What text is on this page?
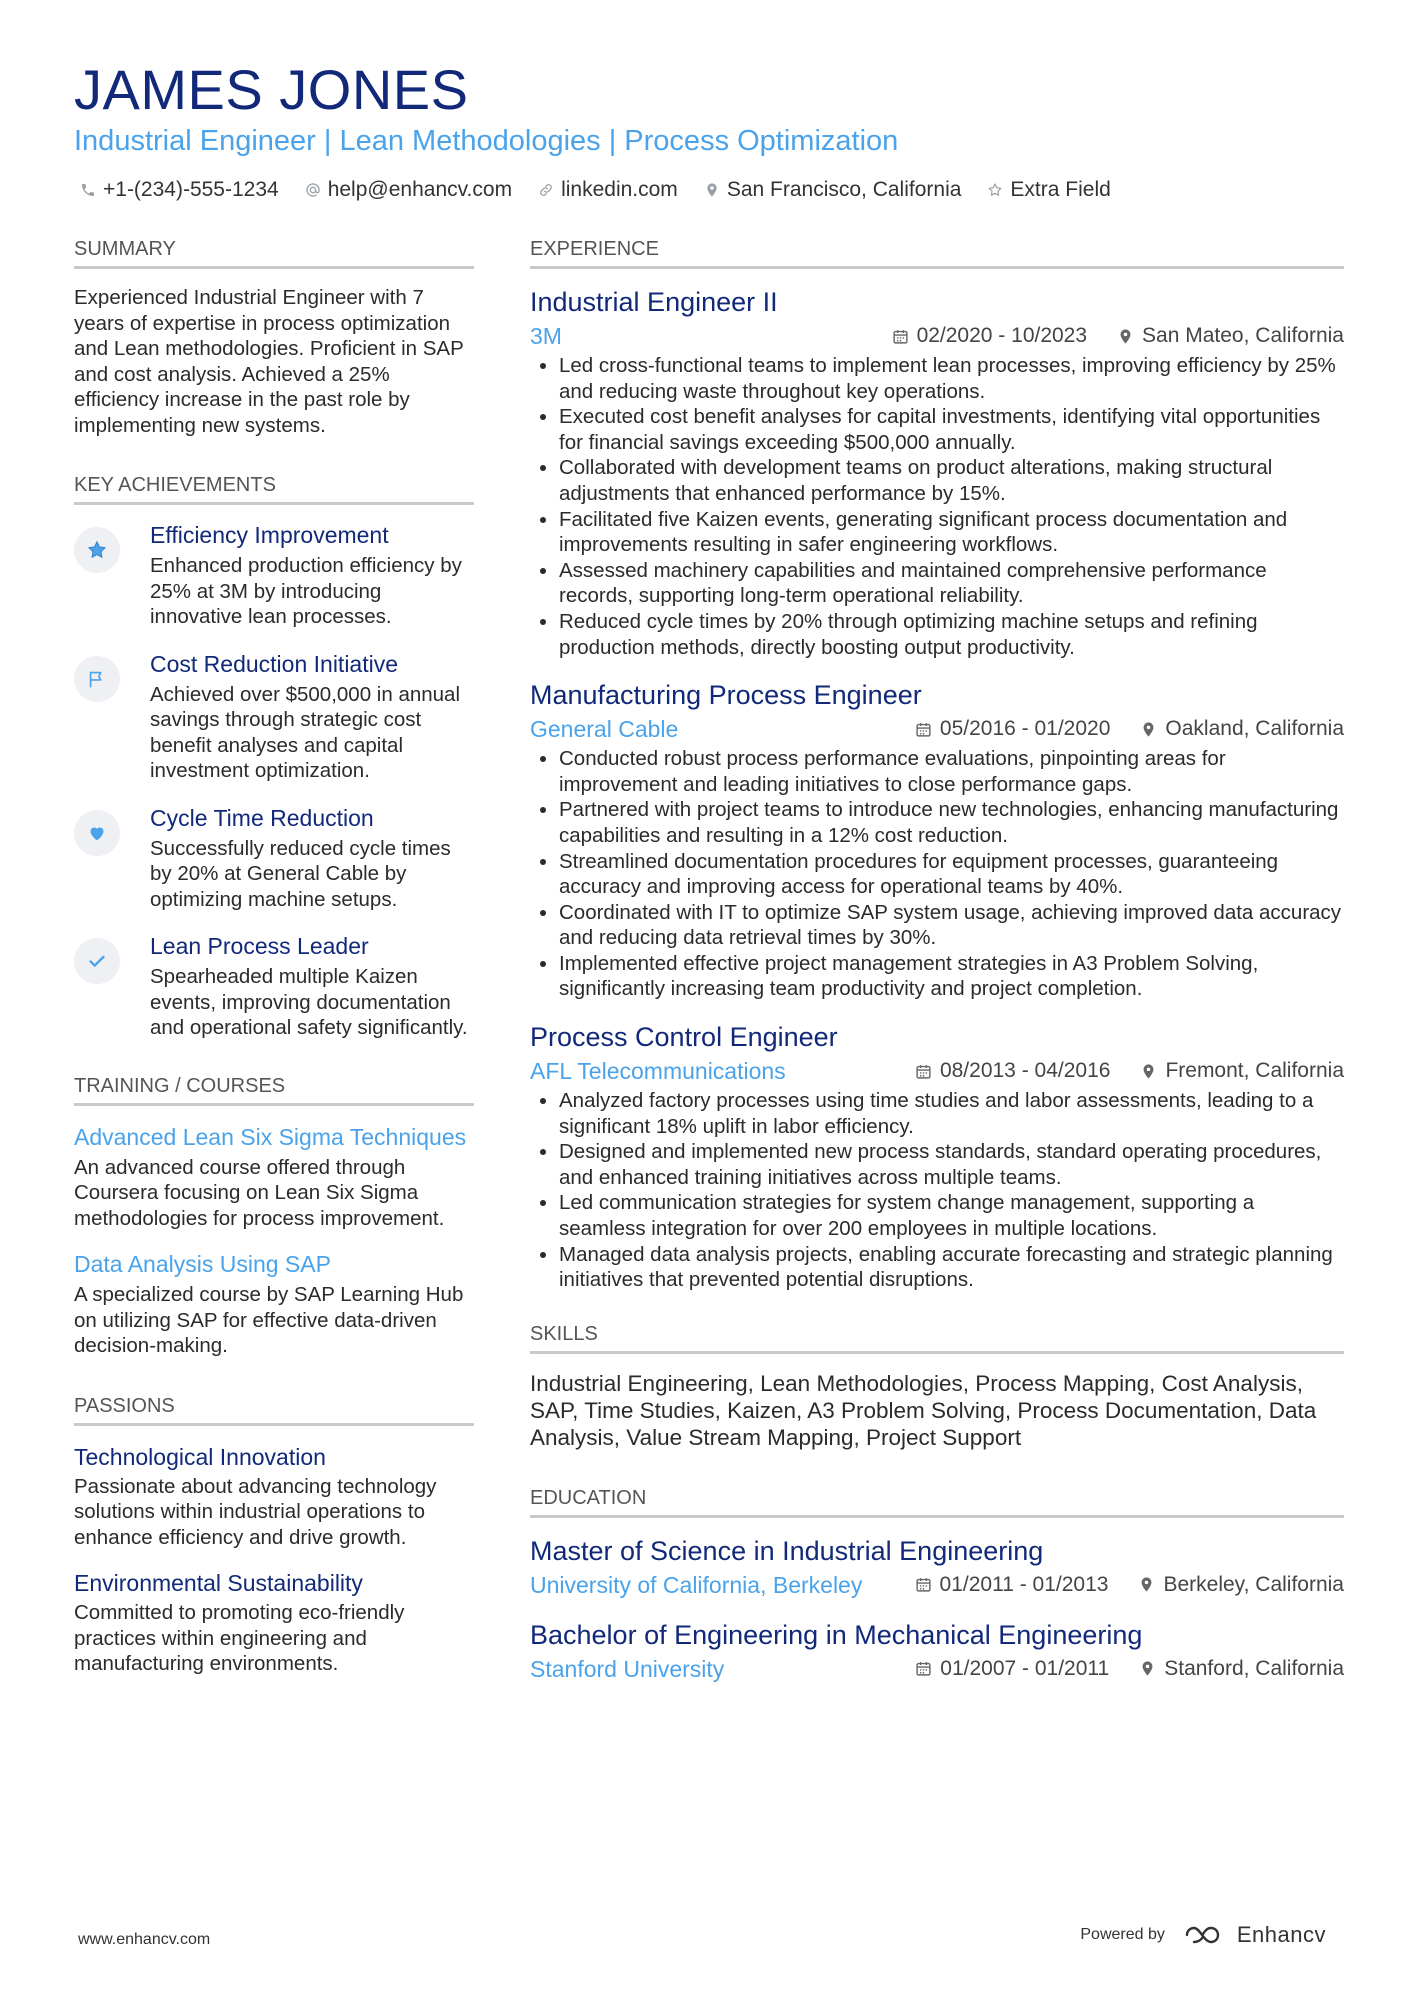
JAMES JONES
Industrial Engineer | Lean Methodologies | Process Optimization
+1-(234)-555-1234 help@enhancv.com linkedin.com San Francisco, California Extra Field
SUMMARY
Experienced Industrial Engineer with 7 years of expertise in process optimization and Lean methodologies. Proficient in SAP and cost analysis. Achieved a 25% efficiency increase in the past role by implementing new systems.
KEY ACHIEVEMENTS
Efficiency Improvement
Enhanced production efficiency by 25% at 3M by introducing innovative lean processes.
Cost Reduction Initiative
Achieved over $500,000 in annual savings through strategic cost benefit analyses and capital investment optimization.
Cycle Time Reduction
Successfully reduced cycle times by 20% at General Cable by optimizing machine setups.
Lean Process Leader
Spearheaded multiple Kaizen events, improving documentation and operational safety significantly.
TRAINING / COURSES
Advanced Lean Six Sigma Techniques
An advanced course offered through Coursera focusing on Lean Six Sigma methodologies for process improvement.
Data Analysis Using SAP
A specialized course by SAP Learning Hub on utilizing SAP for effective data-driven decision-making.
PASSIONS
Technological Innovation
Passionate about advancing technology solutions within industrial operations to enhance efficiency and drive growth.
Environmental Sustainability
Committed to promoting eco-friendly practices within engineering and manufacturing environments.
EXPERIENCE
Industrial Engineer II
3M	02/2020 - 10/2023	San Mateo, California
• Led cross-functional teams to implement lean processes, improving efficiency by 25% and reducing waste throughout key operations.
• Executed cost benefit analyses for capital investments, identifying vital opportunities for financial savings exceeding $500,000 annually.
• Collaborated with development teams on product alterations, making structural adjustments that enhanced performance by 15%.
• Facilitated five Kaizen events, generating significant process documentation and improvements resulting in safer engineering workflows.
• Assessed machinery capabilities and maintained comprehensive performance records, supporting long-term operational reliability.
• Reduced cycle times by 20% through optimizing machine setups and refining production methods, directly boosting output productivity.
Manufacturing Process Engineer
General Cable	05/2016 - 01/2020	Oakland, California
• Conducted robust process performance evaluations, pinpointing areas for improvement and leading initiatives to close performance gaps.
• Partnered with project teams to introduce new technologies, enhancing manufacturing capabilities and resulting in a 12% cost reduction.
• Streamlined documentation procedures for equipment processes, guaranteeing accuracy and improving access for operational teams by 40%.
• Coordinated with IT to optimize SAP system usage, achieving improved data accuracy and reducing data retrieval times by 30%.
• Implemented effective project management strategies in A3 Problem Solving, significantly increasing team productivity and project completion.
Process Control Engineer
AFL Telecommunications	08/2013 - 04/2016	Fremont, California
• Analyzed factory processes using time studies and labor assessments, leading to a significant 18% uplift in labor efficiency.
• Designed and implemented new process standards, standard operating procedures, and enhanced training initiatives across multiple teams.
• Led communication strategies for system change management, supporting a seamless integration for over 200 employees in multiple locations.
• Managed data analysis projects, enabling accurate forecasting and strategic planning initiatives that prevented potential disruptions.
SKILLS
Industrial Engineering, Lean Methodologies, Process Mapping, Cost Analysis, SAP, Time Studies, Kaizen, A3 Problem Solving, Process Documentation, Data Analysis, Value Stream Mapping, Project Support
EDUCATION
Master of Science in Industrial Engineering
University of California, Berkeley	01/2011 - 01/2013	Berkeley, California
Bachelor of Engineering in Mechanical Engineering
Stanford University	01/2007 - 01/2011	Stanford, California
www.enhancv.com	Powered by	Enhancv
